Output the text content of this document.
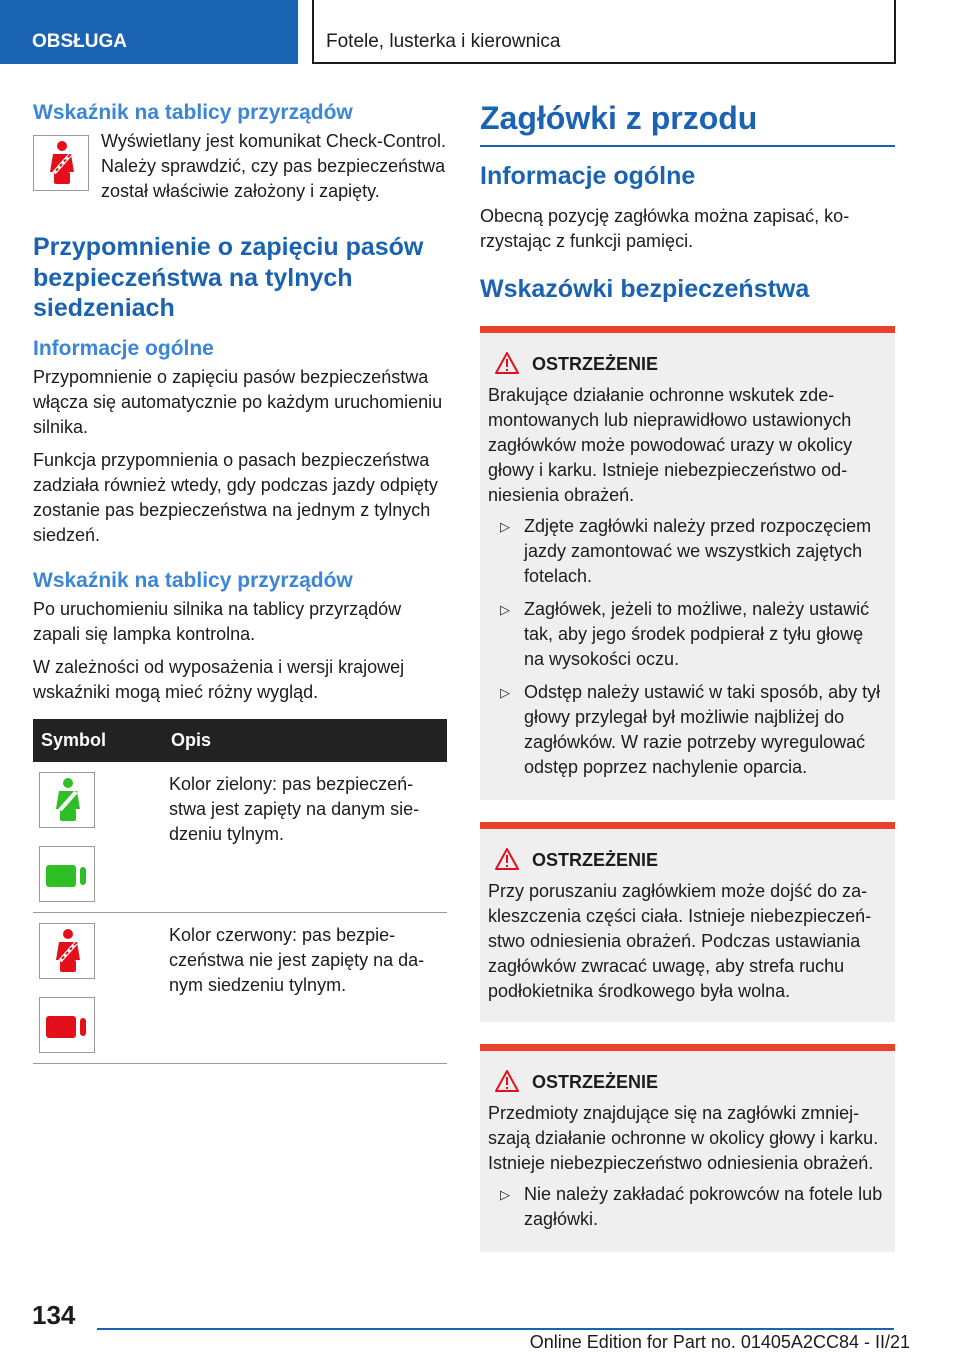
OBSŁUGA	Fotele, lusterka i kierownica
Wskaźnik na tablicy przyrządów

Wyświetlany jest komunikat Check-Control. Należy sprawdzić, czy pas bezpieczeństwa został właściwie założony i zapięty.

Przypomnienie o zapięciu pasów bezpieczeństwa na tylnych siedzeniach
Informacje ogólne

Przypomnienie o zapięciu pasów bezpieczeństwa włącza się automatycznie po każdym uruchomieniu silnika.

Funkcja przypomnienia o pasach bezpieczeństwa zadziała również wtedy, gdy podczas jazdy odpięty zostanie pas bezpieczeństwa na jednym z tylnych siedzeń.

Wskaźnik na tablicy przyrządów

Po uruchomieniu silnika na tablicy przyrządów zapali się lampka kontrolna.

W zależności od wyposażenia i wersji krajowej wskaźniki mogą mieć różny wygląd.

Symbol	Opis

	Kolor zielony: pas bezpieczeństwa jest zapięty na danym siedzeniu tylnym.

	Kolor czerwony: pas bezpieczeństwa nie jest zapięty na danym siedzeniu tylnym.
Zagłówki z przodu
Informacje ogólne

Obecną pozycję zagłówka można zapisać, korzystając z funkcji pamięci.

Wskazówki bezpieczeństwa
OSTRZEŻENIE

Brakujące działanie ochronne wskutek zdemontowanych lub nieprawidłowo ustawionych zagłówków może powodować urazy w okolicy głowy i karku. Istnieje niebezpieczeństwo odniesienia obrażeń.

▷ Zdjęte zagłówki należy przed rozpoczęciem jazdy zamontować we wszystkich zajętych fotelach.
▷ Zagłówek, jeżeli to możliwe, należy ustawić tak, aby jego środek podpierał z tyłu głowę na wysokości oczu.
▷ Odstęp należy ustawić w taki sposób, aby tył głowy przylegał był możliwie najbliżej do zagłówków. W razie potrzeby wyregulować odstęp poprzez nachylenie oparcia.
OSTRZEŻENIE

Przy poruszaniu zagłówkiem może dojść do zakleszczenia części ciała. Istnieje niebezpieczeństwo odniesienia obrażeń. Podczas ustawiania zagłówków zwracać uwagę, aby strefa ruchu podłokietnika środkowego była wolna.

OSTRZEŻENIE

Przedmioty znajdujące się na zagłówki zmniejszają działanie ochronne w okolicy głowy i karku. Istnieje niebezpieczeństwo odniesienia obrażeń.

▷ Nie należy zakładać pokrowców na fotele lub zagłówki.
134
Online Edition for Part no. 01405A2CC84 - II/21
